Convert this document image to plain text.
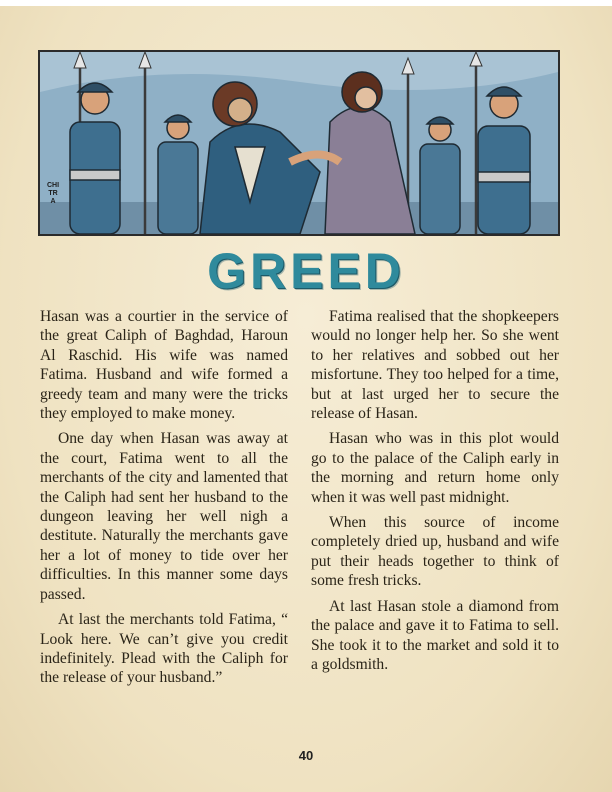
CHITRA
GREED

Hasan was a courtier in the service of the great Caliph of Baghdad, Haroun Al Raschid. His wife was named Fatima. Husband and wife formed a greedy team and many were the tricks they employed to make money.

One day when Hasan was away at the court, Fatima went to all the merchants of the city and lamented that the Caliph had sent her husband to the dungeon leaving her well nigh a destitute. Naturally the merchants gave her a lot of money to tide over her difficulties. In this manner some days passed.

At last the merchants told Fatima, “ Look here. We can’t give you credit indefinitely. Plead with the Caliph for the release of your husband.”

Fatima realised that the shopkeepers would no longer help her. So she went to her relatives and sobbed out her misfortune. They too helped for a time, but at last urged her to secure the release of Hasan.

Hasan who was in this plot would go to the palace of the Caliph early in the morning and return home only when it was well past midnight.

When this source of income completely dried up, husband and wife put their heads together to think of some fresh tricks.

At last Hasan stole a diamond from the palace and gave it to Fatima to sell. She took it to the market and sold it to a goldsmith.

40
